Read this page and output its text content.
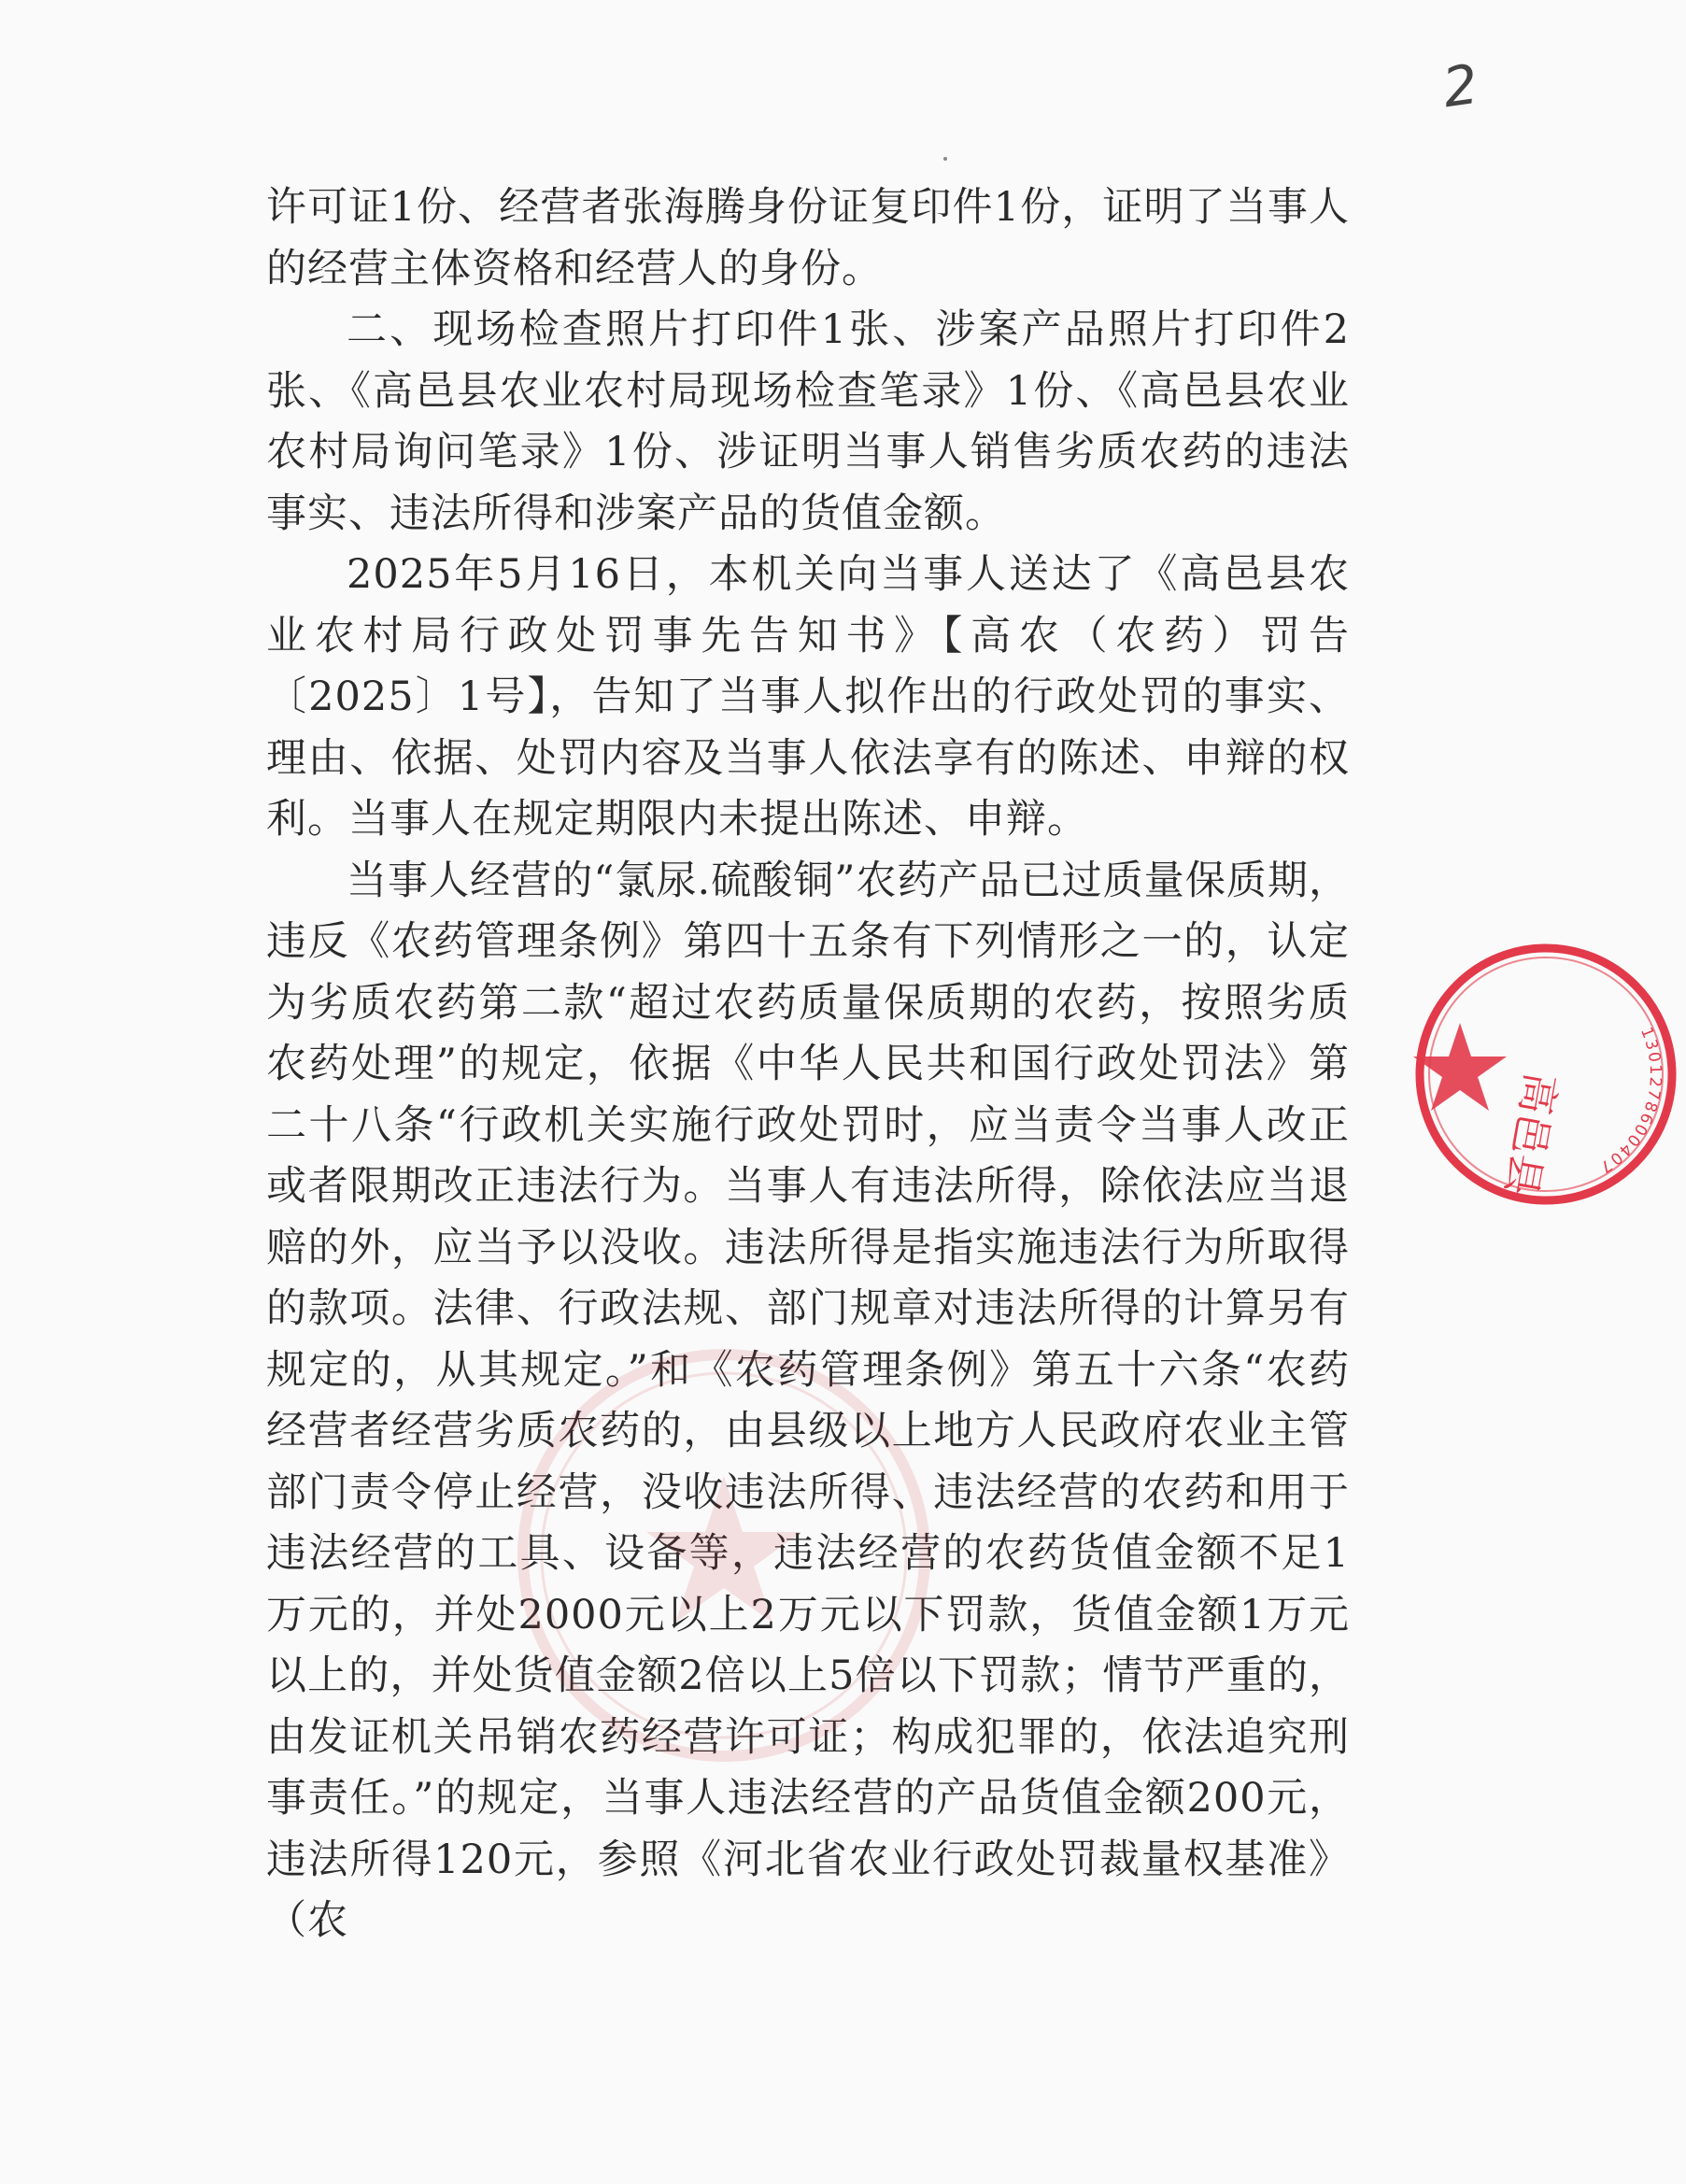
2

许可证1份、经营者张海腾身份证复印件1份，证明了当事人的经营主体资格和经营人的身份。

二、现场检查照片打印件1张、涉案产品照片打印件2张、《高邑县农业农村局现场检查笔录》1份、《高邑县农业农村局询问笔录》1份、涉证明当事人销售劣质农药的违法事实、违法所得和涉案产品的货值金额。

2025年5月16日，本机关向当事人送达了《高邑县农业农村局行政处罚事先告知书》【高农（农药）罚告〔2025〕1号】，告知了当事人拟作出的行政处罚的事实、理由、依据、处罚内容及当事人依法享有的陈述、申辩的权利。当事人在规定期限内未提出陈述、申辩。

当事人经营的“氯尿.硫酸铜”农药产品已过质量保质期，违反《农药管理条例》第四十五条有下列情形之一的，认定为劣质农药第二款“超过农药质量保质期的农药，按照劣质农药处理”的规定，依据《中华人民共和国行政处罚法》第二十八条“行政机关实施行政处罚时，应当责令当事人改正或者限期改正违法行为。当事人有违法所得，除依法应当退赔的外，应当予以没收。违法所得是指实施违法行为所取得的款项。法律、行政法规、部门规章对违法所得的计算另有规定的，从其规定。”和《农药管理条例》第五十六条“农药经营者经营劣质农药的，由县级以上地方人民政府农业主管部门责令停止经营，没收违法所得、违法经营的农药和用于违法经营的工具、设备等，违法经营的农药货值金额不足1万元的，并处2000元以上2万元以下罚款，货值金额1万元以上的，并处货值金额2倍以上5倍以下罚款；情节严重的，由发证机关吊销农药经营许可证；构成犯罪的，依法追究刑事责任。”的规定，当事人违法经营的产品货值金额200元，违法所得120元，参照《河北省农业行政处罚裁量权基准》（农

1301278600407
高邑县
